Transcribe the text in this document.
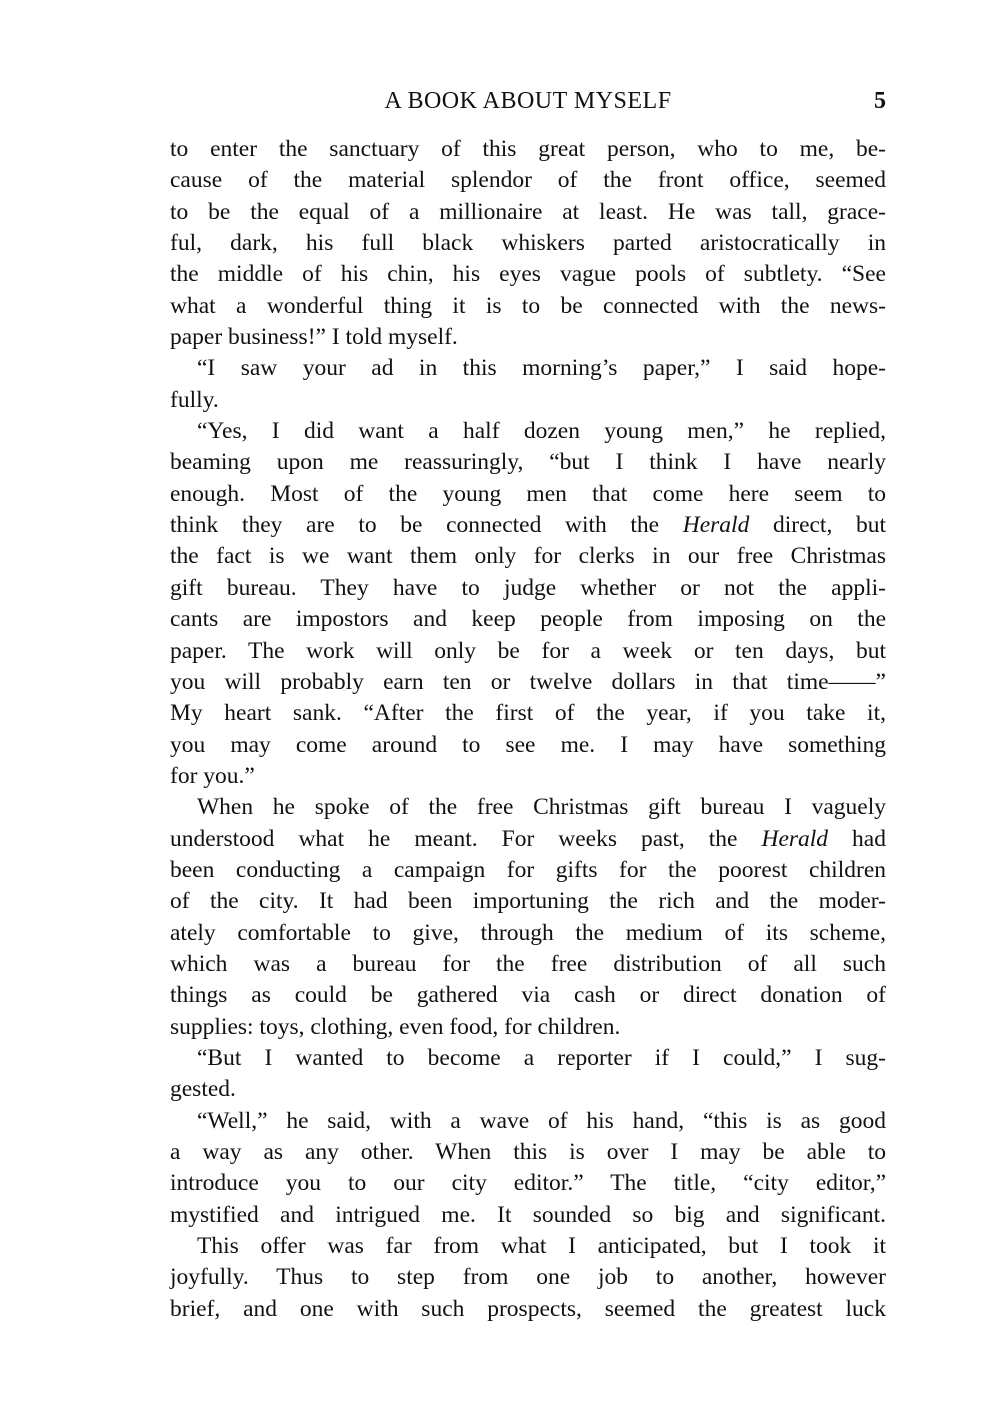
A BOOK ABOUT MYSELF	5
to enter the sanctuary of this great person, who to me, be-
cause of the material splendor of the front office, seemed
to be the equal of a millionaire at least. He was tall, grace-
ful, dark, his full black whiskers parted aristocratically in
the middle of his chin, his eyes vague pools of subtlety. “See
what a wonderful thing it is to be connected with the news-
paper business!” I told myself.
“I saw your ad in this morning’s paper,” I said hope-
fully.
“Yes, I did want a half dozen young men,” he replied,
beaming upon me reassuringly, “but I think I have nearly
enough. Most of the young men that come here seem to
think they are to be connected with the Herald direct, but
the fact is we want them only for clerks in our free Christmas
gift bureau. They have to judge whether or not the appli-
cants are impostors and keep people from imposing on the
paper. The work will only be for a week or ten days, but
you will probably earn ten or twelve dollars in that time——”
My heart sank. “After the first of the year, if you take it,
you may come around to see me. I may have something
for you.”
When he spoke of the free Christmas gift bureau I vaguely
understood what he meant. For weeks past, the Herald had
been conducting a campaign for gifts for the poorest children
of the city. It had been importuning the rich and the moder-
ately comfortable to give, through the medium of its scheme,
which was a bureau for the free distribution of all such
things as could be gathered via cash or direct donation of
supplies: toys, clothing, even food, for children.
“But I wanted to become a reporter if I could,” I sug-
gested.
“Well,” he said, with a wave of his hand, “this is as good
a way as any other. When this is over I may be able to
introduce you to our city editor.” The title, “city editor,”
mystified and intrigued me. It sounded so big and significant.
This offer was far from what I anticipated, but I took it
joyfully. Thus to step from one job to another, however
brief, and one with such prospects, seemed the greatest luck
